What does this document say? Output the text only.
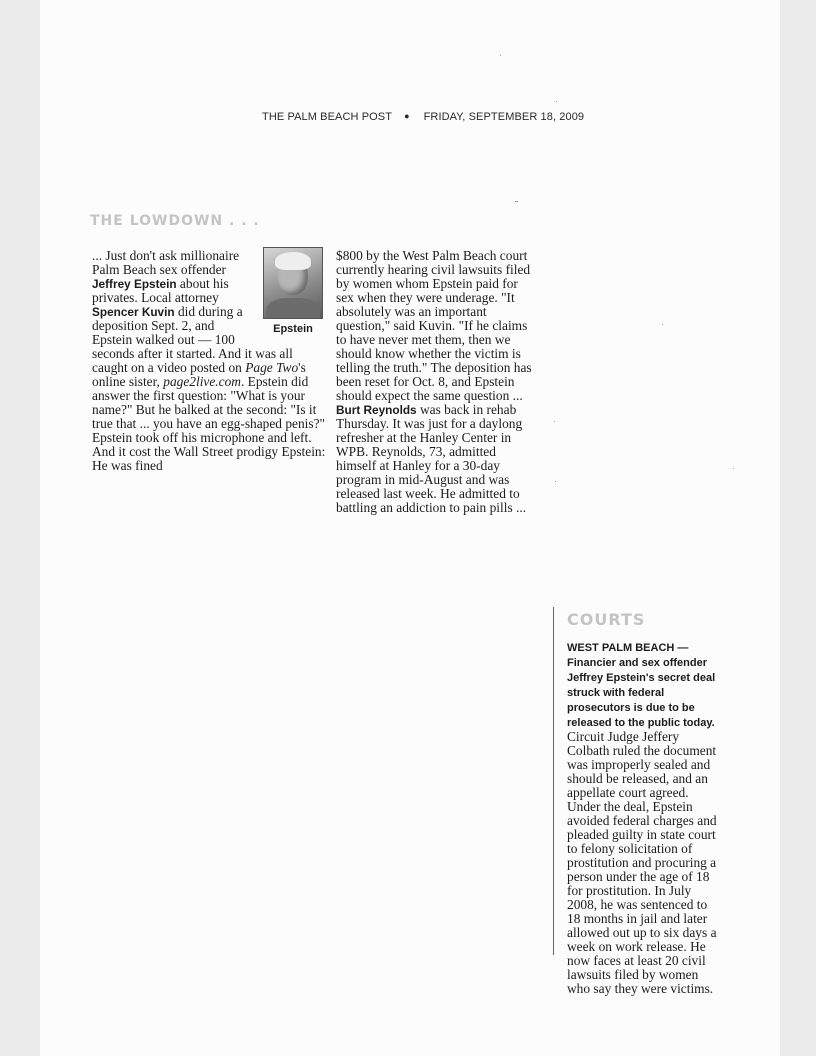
THE PALM BEACH POST ● FRIDAY, SEPTEMBER 18, 2009
THE LOWDOWN . . .
Epstein

... Just don't ask millionaire Palm Beach sex offender Jeffrey Epstein about his privates. Local attorney Spencer Kuvin did during a deposition Sept. 2, and Epstein walked out — 100 seconds after it started. And it was all caught on a video posted on Page Two's online sister, page2live.com. Epstein did answer the first question: "What is your name?" But he balked at the second: "Is it true that ... you have an egg-shaped penis?" Epstein took off his microphone and left. And it cost the Wall Street prodigy Epstein: He was fined

$800 by the West Palm Beach court currently hearing civil lawsuits filed by women whom Epstein paid for sex when they were underage. "It absolutely was an important question," said Kuvin. "If he claims to have never met them, then we should know whether the victim is telling the truth." The deposition has been reset for Oct. 8, and Epstein should expect the same question ... Burt Reynolds was back in rehab Thursday. It was just for a daylong refresher at the Hanley Center in WPB. Reynolds, 73, admitted himself at Hanley for a 30-day program in mid-August and was released last week. He admitted to battling an addiction to pain pills ...

COURTS

WEST PALM BEACH — Financier and sex offender Jeffrey Epstein's secret deal struck with federal prosecutors is due to be released to the public today. Circuit Judge Jeffery Colbath ruled the document was improperly sealed and should be released, and an appellate court agreed. Under the deal, Epstein avoided federal charges and pleaded guilty in state court to felony solicitation of prostitution and procuring a person under the age of 18 for prostitution. In July 2008, he was sentenced to 18 months in jail and later allowed out up to six days a week on work release. He now faces at least 20 civil lawsuits filed by women who say they were victims.
